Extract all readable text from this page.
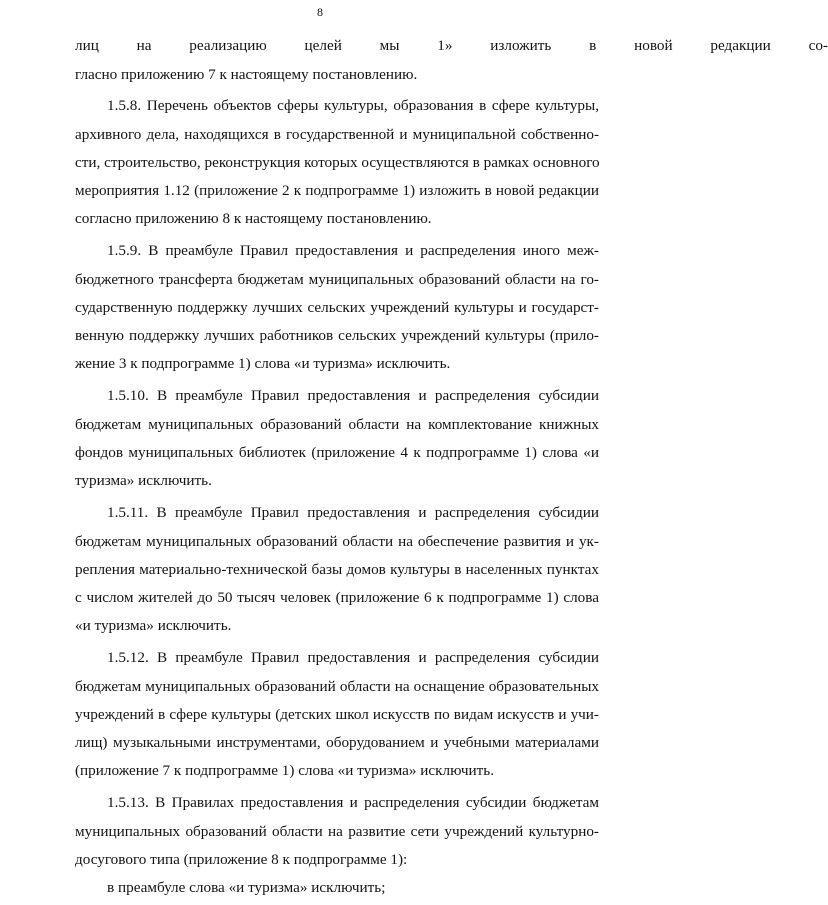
8
лиц на реализацию целей мы 1» изложить в новой редакции со-
гласно приложению 7 к настоящему постановлению.
1.5.8. Перечень объектов сферы культуры, образования в сфере культуры,
архивного дела, находящихся в государственной и муниципальной собственно-
сти, строительство, реконструкция которых осуществляются в рамках основного
мероприятия 1.12 (приложение 2 к подпрограмме 1) изложить в новой редакции
согласно приложению 8 к настоящему постановлению.
1.5.9. В преамбуле Правил предоставления и распределения иного меж-
бюджетного трансферта бюджетам муниципальных образований области на го-
сударственную поддержку лучших сельских учреждений культуры и государст-
венную поддержку лучших работников сельских учреждений культуры (прило-
жение 3 к подпрограмме 1) слова «и туризма» исключить.
1.5.10. В преамбуле Правил предоставления и распределения субсидии
бюджетам муниципальных образований области на комплектование книжных
фондов муниципальных библиотек (приложение 4 к подпрограмме 1) слова «и
туризма» исключить.
1.5.11. В преамбуле Правил предоставления и распределения субсидии
бюджетам муниципальных образований области на обеспечение развития и ук-
репления материально-технической базы домов культуры в населенных пунктах
с числом жителей до 50 тысяч человек (приложение 6 к подпрограмме 1) слова
«и туризма» исключить.
1.5.12. В преамбуле Правил предоставления и распределения субсидии
бюджетам муниципальных образований области на оснащение образовательных
учреждений в сфере культуры (детских школ искусств по видам искусств и учи-
лищ) музыкальными инструментами, оборудованием и учебными материалами
(приложение 7 к подпрограмме 1) слова «и туризма» исключить.
1.5.13. В Правилах предоставления и распределения субсидии бюджетам
муниципальных образований области на развитие сети учреждений культурно-
досугового типа (приложение 8 к подпрограмме 1):
в преамбуле слова «и туризма» исключить;
